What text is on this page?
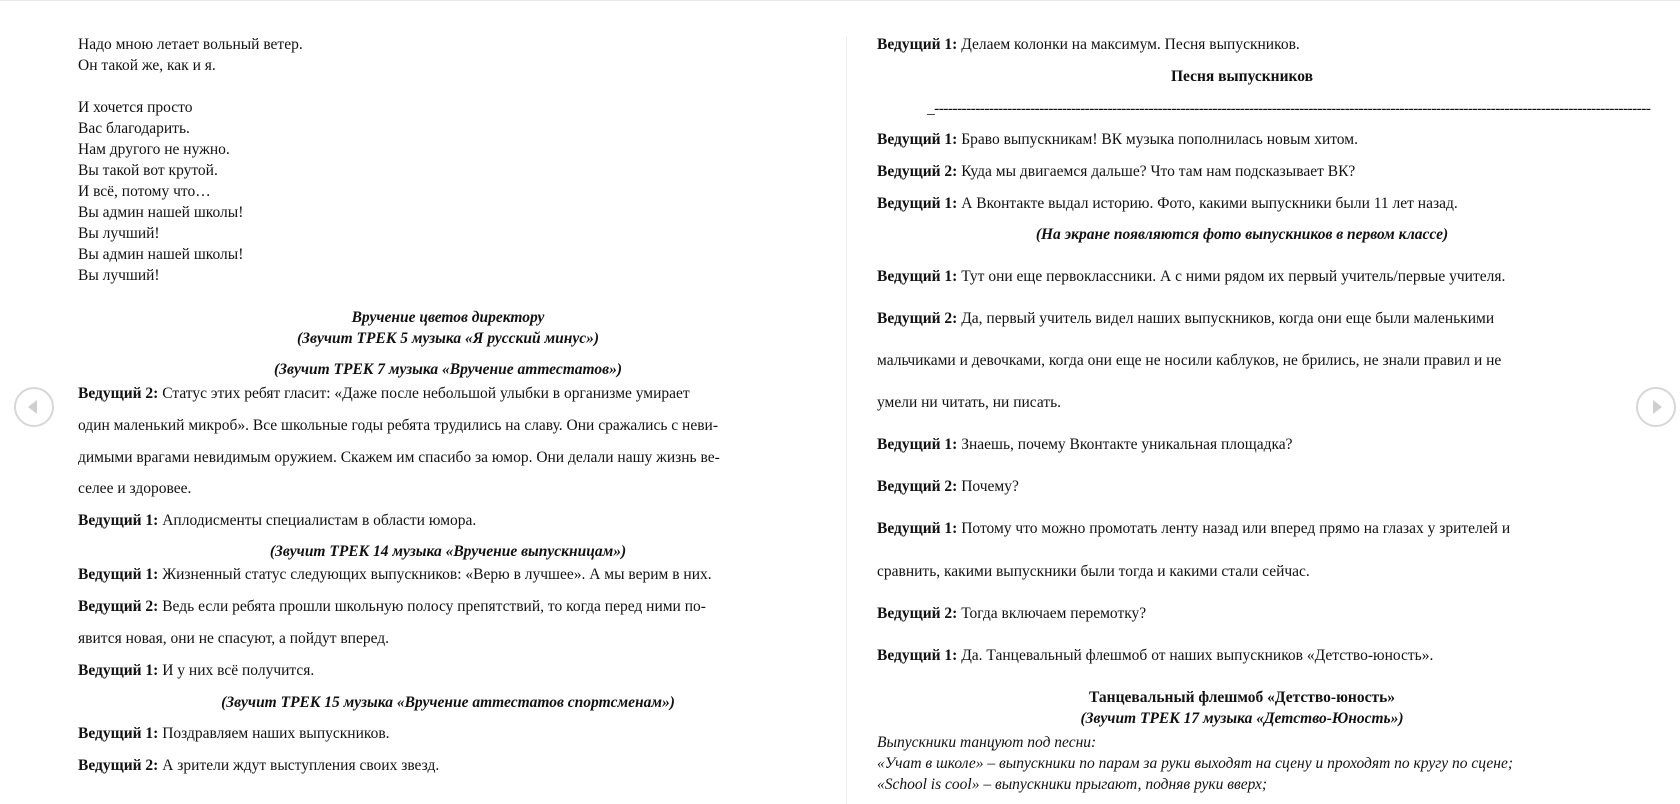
Надо мною летает вольный ветер.
Он такой же, как и я.
И хочется просто
Вас благодарить.
Нам другого не нужно.
Вы такой вот крутой.
И всё, потому что…
Вы админ нашей школы!
Вы лучший!
Вы админ нашей школы!
Вы лучший!
Вручение цветов директору
(Звучит ТРЕК 5 музыка «Я русский минус»)
(Звучит ТРЕК 7 музыка «Вручение аттестатов»)
Ведущий 2: Статус этих ребят гласит: «Даже после небольшой улыбки в организме умирает
один маленький микроб». Все школьные годы ребята трудились на славу. Они сражались с неви-
димыми врагами невидимым оружием. Скажем им спасибо за юмор. Они делали нашу жизнь ве-
селее и здоровее.
Ведущий 1: Аплодисменты специалистам в области юмора.
(Звучит ТРЕК 14 музыка «Вручение выпускницам»)
Ведущий 1: Жизненный статус следующих выпускников: «Верю в лучшее». А мы верим в них.
Ведущий 2: Ведь если ребята прошли школьную полосу препятствий, то когда перед ними по-
явится новая, они не спасуют, а пойдут вперед.
Ведущий 1: И у них всё получится.
(Звучит ТРЕК 15 музыка «Вручение аттестатов спортсменам»)
Ведущий 1: Поздравляем наших выпускников.
Ведущий 2: А зрители ждут выступления своих звезд.
Ведущий 1: Делаем колонки на максимум. Песня выпускников.
Песня выпускников
_-------------------------------------------------------------------------------------------------------------------------------------------------------------
Ведущий 1: Браво выпускникам! ВК музыка пополнилась новым хитом.
Ведущий 2: Куда мы двигаемся дальше? Что там нам подсказывает ВК?
Ведущий 1: А Вконтакте выдал историю. Фото, какими выпускники были 11 лет назад.
(На экране появляются фото выпускников в первом классе)
Ведущий 1: Тут они еще первоклассники. А с ними рядом их первый учитель/первые учителя.
Ведущий 2: Да, первый учитель видел наших выпускников, когда они еще были маленькими
мальчиками и девочками, когда они еще не носили каблуков, не брились, не знали правил и не
умели ни читать, ни писать.
Ведущий 1: Знаешь, почему Вконтакте уникальная площадка?
Ведущий 2: Почему?
Ведущий 1: Потому что можно промотать ленту назад или вперед прямо на глазах у зрителей и
сравнить, какими выпускники были тогда и какими стали сейчас.
Ведущий 2: Тогда включаем перемотку?
Ведущий 1: Да. Танцевальный флешмоб от наших выпускников «Детство-юность».
Танцевальный флешмоб «Детство-юность»
(Звучит ТРЕК 17 музыка «Детство-Юность»)
Выпускники танцуют под песни:
«Учат в школе» – выпускники по парам за руки выходят на сцену и проходят по кругу по сцене;
«School is cool» – выпускники прыгают, подняв руки вверх;
